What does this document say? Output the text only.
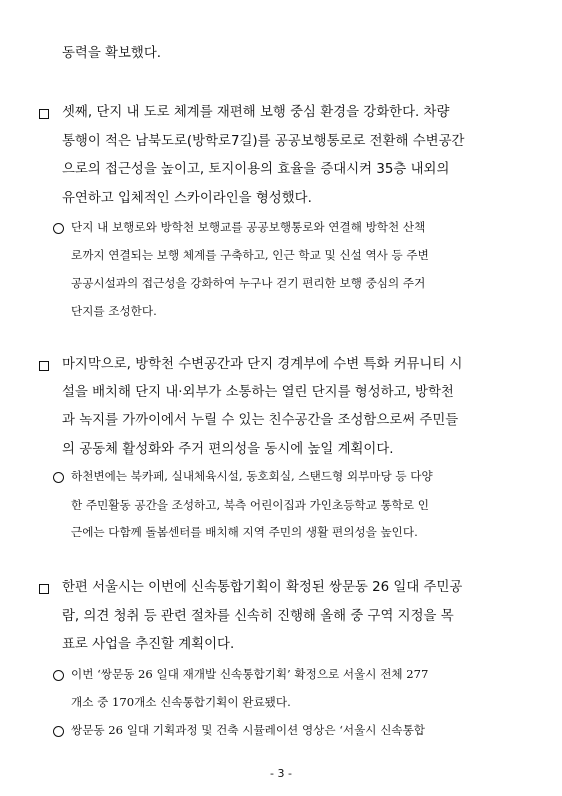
동력을 확보했다.
셋째, 단지 내 도로 체계를 재편해 보행 중심 환경을 강화한다. 차량
통행이 적은 남북도로(방학로7길)를 공공보행통로로 전환해 수변공간
으로의 접근성을 높이고, 토지이용의 효율을 증대시켜 35층 내외의
유연하고 입체적인 스카이라인을 형성했다.
단지 내 보행로와 방학천 보행교를 공공보행통로와 연결해 방학천 산책
로까지 연결되는 보행 체계를 구축하고, 인근 학교 및 신설 역사 등 주변
공공시설과의 접근성을 강화하여 누구나 걷기 편리한 보행 중심의 주거
단지를 조성한다.
마지막으로, 방학천 수변공간과 단지 경계부에 수변 특화 커뮤니티 시
설을 배치해 단지 내·외부가 소통하는 열린 단지를 형성하고, 방학천
과 녹지를 가까이에서 누릴 수 있는 친수공간을 조성함으로써 주민들
의 공동체 활성화와 주거 편의성을 동시에 높일 계획이다.
하천변에는 북카페, 실내체육시설, 동호회실, 스탠드형 외부마당 등 다양
한 주민활동 공간을 조성하고, 북측 어린이집과 가인초등학교 통학로 인
근에는 다함께 돌봄센터를 배치해 지역 주민의 생활 편의성을 높인다.
한편 서울시는 이번에 신속통합기획이 확정된 쌍문동 26 일대 주민공
람, 의견 청취 등 관련 절차를 신속히 진행해 올해 중 구역 지정을 목
표로 사업을 추진할 계획이다.
이번 ‘쌍문동 26 일대 재개발 신속통합기획’ 확정으로 서울시 전체 277
개소 중 170개소 신속통합기획이 완료됐다.
쌍문동 26 일대 기획과정 및 건축 시뮬레이션 영상은 ‘서울시 신속통합
- 3 -
